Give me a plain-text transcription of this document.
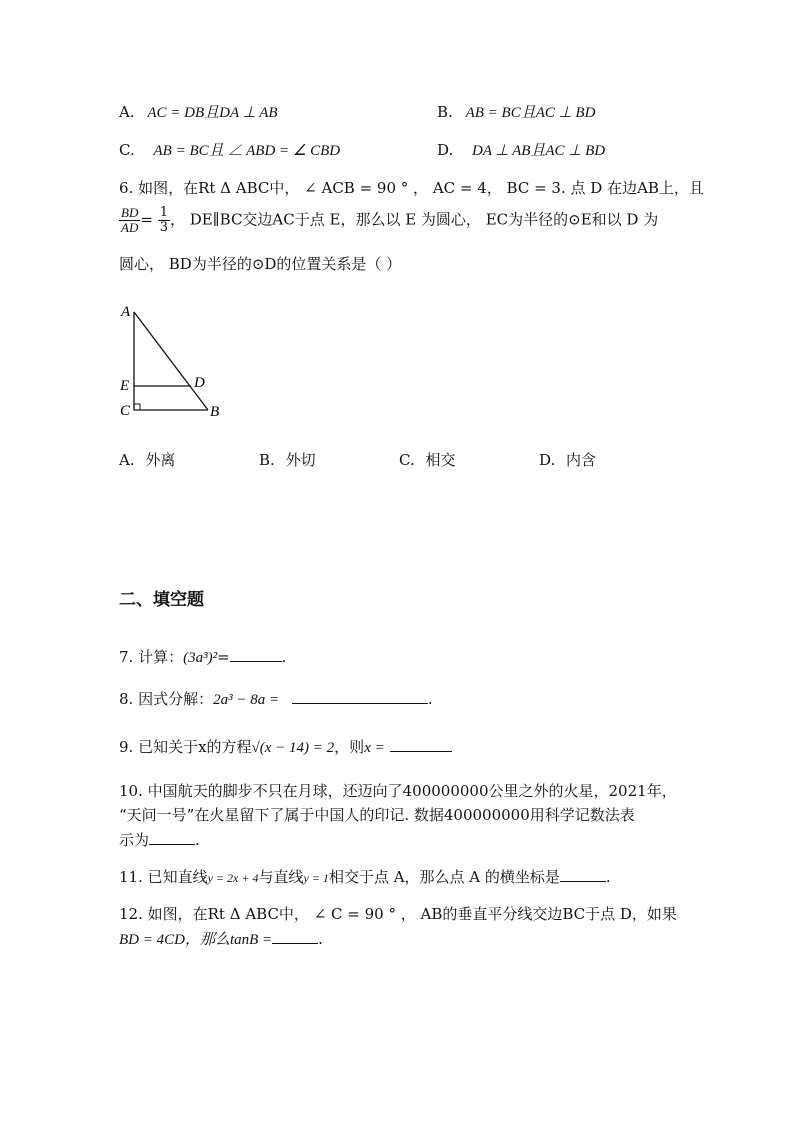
A. AC = DB且DA ⊥ AB	B. AB = BC且AC ⊥ BD
C. AB = BC且 ∠ ABD = ∠ CBD	D. DA ⊥ AB且AC ⊥ BD
6. 如图，在Rt Δ ABC中， ∠ ACB = 90 ° ， AC = 4， BC = 3. 点 D 在边AB上，且
$\frac{BD}{AD} = \frac{1}{3}$ ， DE∥BC交边AC于点 E，那么以 E 为圆心， EC为半径的⊙E和以 D 为
圆心， BD为半径的⊙D的位置关系是（ ）
A
E	D
C	B
A. 外离	B. 外切	C. 相交	D. 内含
二、填空题
7. 计算：(3a³)²=	.
8. 因式分解：2a³ − 8a =	.
9. 已知关于x的方程√(x − 14) = 2，则x =
10. 中国航天的脚步不只在月球，还迈向了400000000公里之外的火星，2021年，
“天问一号”在火星留下了属于中国人的印记. 数据400000000用科学记数法表
示为	.
11. 已知直线y = 2x + 4与直线y = 1相交于点 A，那么点 A 的横坐标是	.
12. 如图，在Rt Δ ABC中， ∠ C = 90 ° ， AB的垂直平分线交边BC于点 D，如果
BD = 4CD，那么tanB =	.
